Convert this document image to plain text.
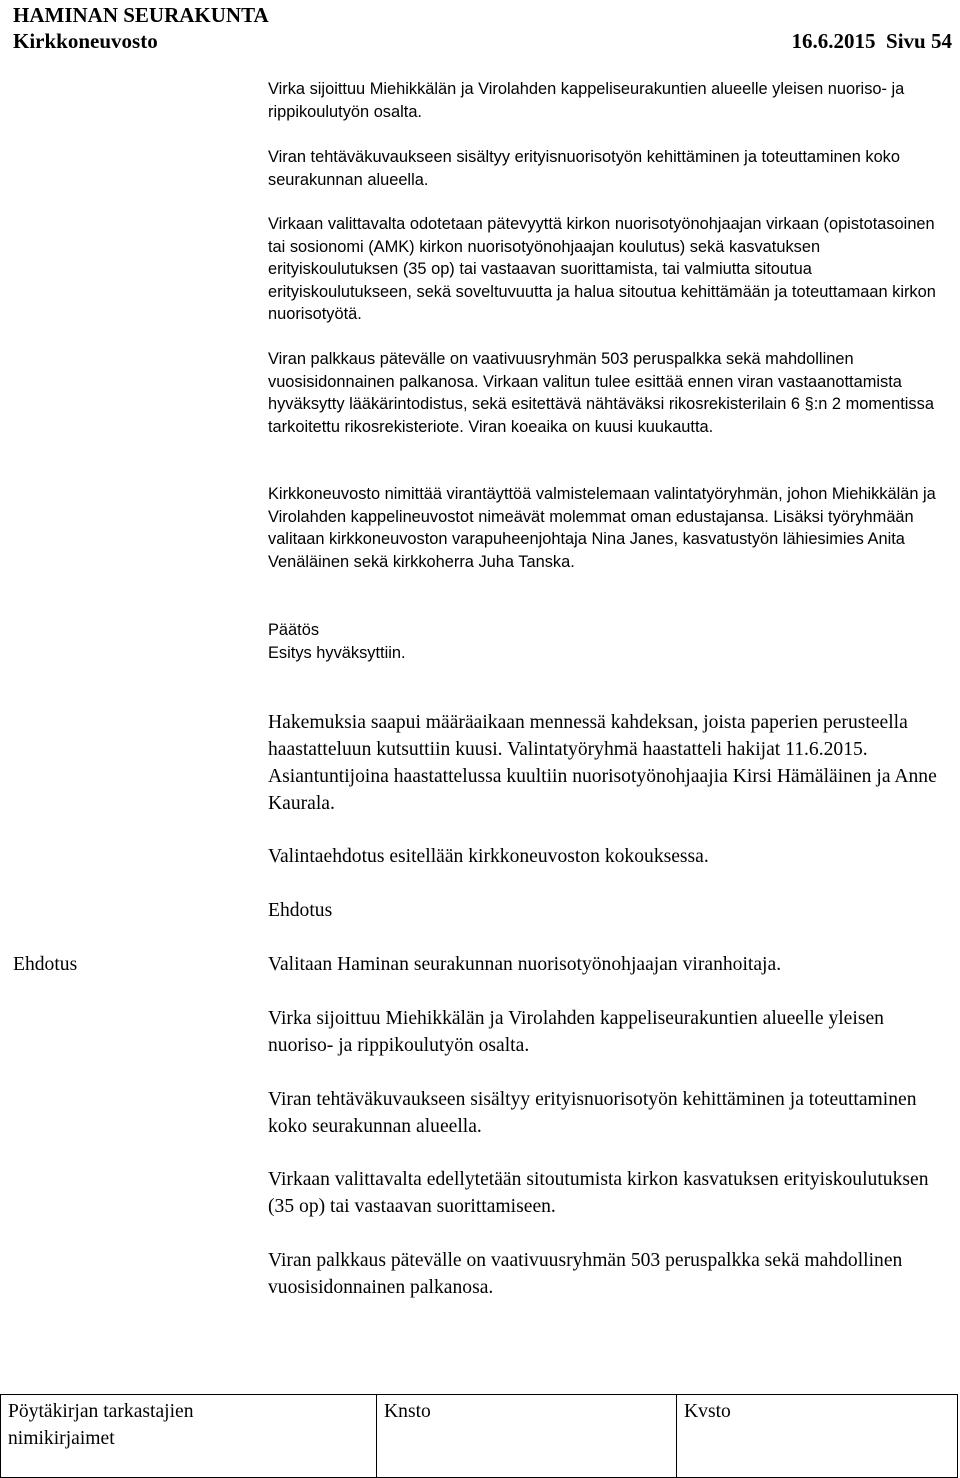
HAMINAN SEURAKUNTA
Kirkkoneuvosto	16.6.2015  Sivu 54

Virka sijoittuu Miehikkälän ja Virolahden kappeliseurakuntien alueelle yleisen nuoriso- ja rippikoulutyön osalta.

Viran tehtäväkuvaukseen sisältyy erityisnuorisotyön kehittäminen ja toteuttaminen koko seurakunnan alueella.

Virkaan valittavalta odotetaan pätevyyttä kirkon nuorisotyönohjaajan virkaan (opistotasoinen tai sosionomi (AMK) kirkon nuorisotyönohjaajan koulutus) sekä kasvatuksen erityiskoulutuksen (35 op) tai vastaavan suorittamista, tai valmiutta sitoutua erityiskoulutukseen, sekä soveltuvuutta ja halua sitoutua kehittämään ja toteuttamaan kirkon nuorisotyötä.

Viran palkkaus pätevälle on vaativuusryhmän 503 peruspalkka sekä mahdollinen vuosisidonnainen palkanosa. Virkaan valitun tulee esittää ennen viran vastaanottamista hyväksytty lääkärintodistus, sekä esitettävä nähtäväksi rikosrekisterilain 6 §:n 2 momentissa tarkoitettu rikosrekisteriote. Viran koeaika on kuusi kuukautta.

Kirkkoneuvosto nimittää virantäyttöä valmistelemaan valintatyöryhmän, johon Miehikkälän ja Virolahden kappelineuvostot nimeävät molemmat oman edustajansa. Lisäksi työryhmään valitaan kirkkoneuvoston varapuheenjohtaja Nina Janes, kasvatustyön lähiesimies Anita Venäläinen sekä kirkkoherra Juha Tanska.

Päätös

Esitys hyväksyttiin.

Hakemuksia saapui määräaikaan mennessä kahdeksan, joista paperien perusteella haastatteluun kutsuttiin kuusi. Valintatyöryhmä haastatteli hakijat 11.6.2015. Asiantuntijoina haastattelussa kuultiin nuorisotyönohjaajia Kirsi Hämäläinen ja Anne Kaurala.

Valintaehdotus esitellään kirkkoneuvoston kokouksessa.

Ehdotus

Ehdotus	Valitaan Haminan seurakunnan nuorisotyönohjaajan viranhoitaja.

Virka sijoittuu Miehikkälän ja Virolahden kappeliseurakuntien alueelle yleisen nuoriso- ja rippikoulutyön osalta.

Viran tehtäväkuvaukseen sisältyy erityisnuorisotyön kehittäminen ja toteuttaminen koko seurakunnan alueella.

Virkaan valittavalta edellytetään sitoutumista kirkon kasvatuksen erityiskoulutuksen (35 op) tai vastaavan suorittamiseen.

Viran palkkaus pätevälle on vaativuusryhmän 503 peruspalkka sekä mahdollinen vuosisidonnainen palkanosa.

Pöytäkirjan tarkastajien
nimikirjaimet
Knsto	Kvsto
